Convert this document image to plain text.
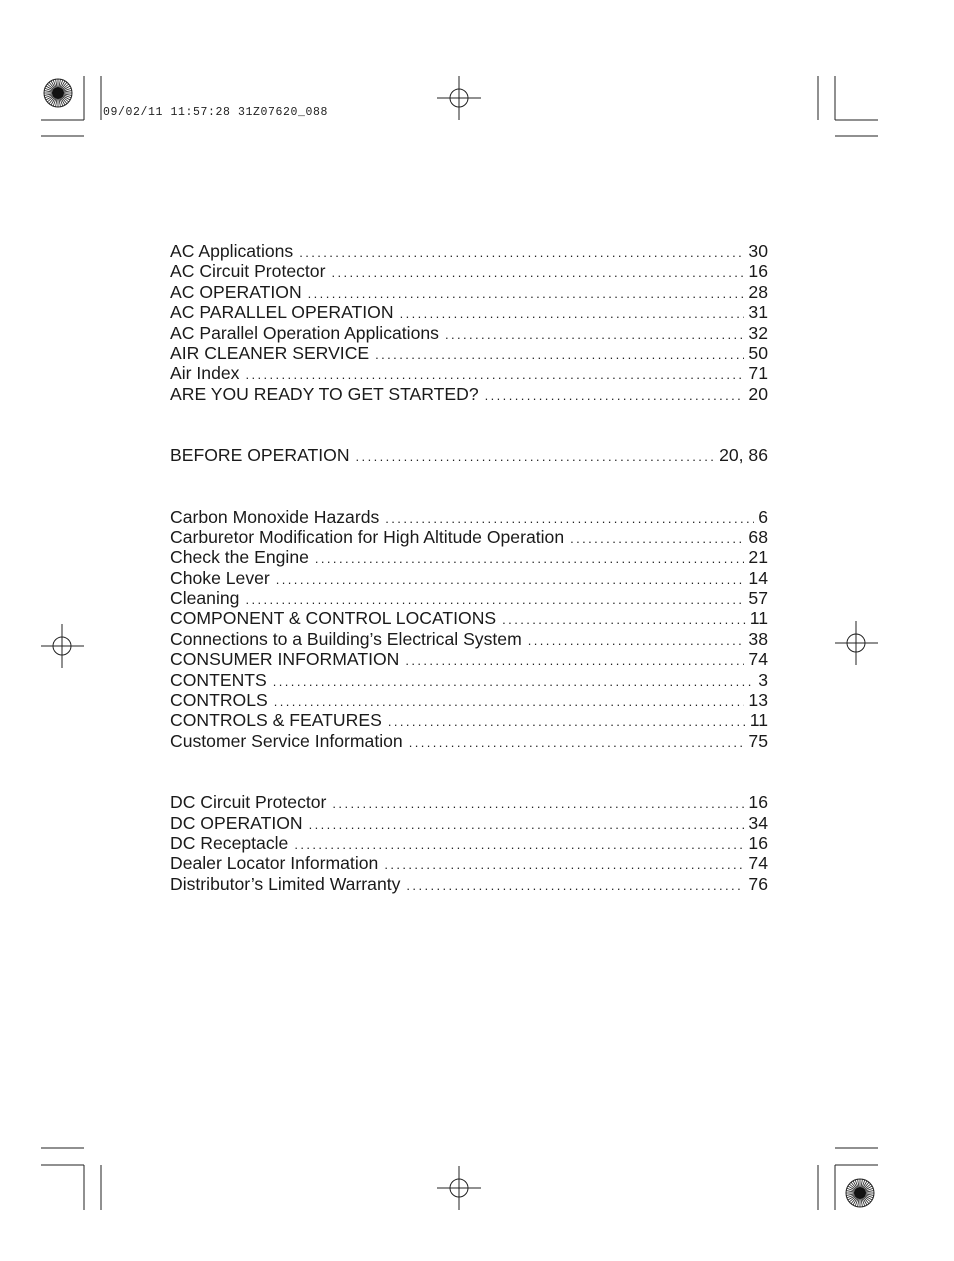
09/02/11 11:57:28 31Z07620_088
AC Applications .....	30
AC Circuit Protector .....	16
AC OPERATION .....	28
AC PARALLEL OPERATION .....	31
AC Parallel Operation Applications .....	32
AIR CLEANER SERVICE .....	50
Air Index .....	71
ARE YOU READY TO GET STARTED? .....	20
BEFORE OPERATION .....	20, 86
Carbon Monoxide Hazards .....	6
Carburetor Modification for High Altitude Operation .....	68
Check the Engine .....	21
Choke Lever .....	14
Cleaning .....	57
COMPONENT & CONTROL LOCATIONS .....	11
Connections to a Building’s Electrical System .....	38
CONSUMER INFORMATION .....	74
CONTENTS .....	3
CONTROLS .....	13
CONTROLS & FEATURES .....	11
Customer Service Information .....	75
DC Circuit Protector .....	16
DC OPERATION .....	34
DC Receptacle .....	16
Dealer Locator Information .....	74
Distributor’s Limited Warranty .....	76
